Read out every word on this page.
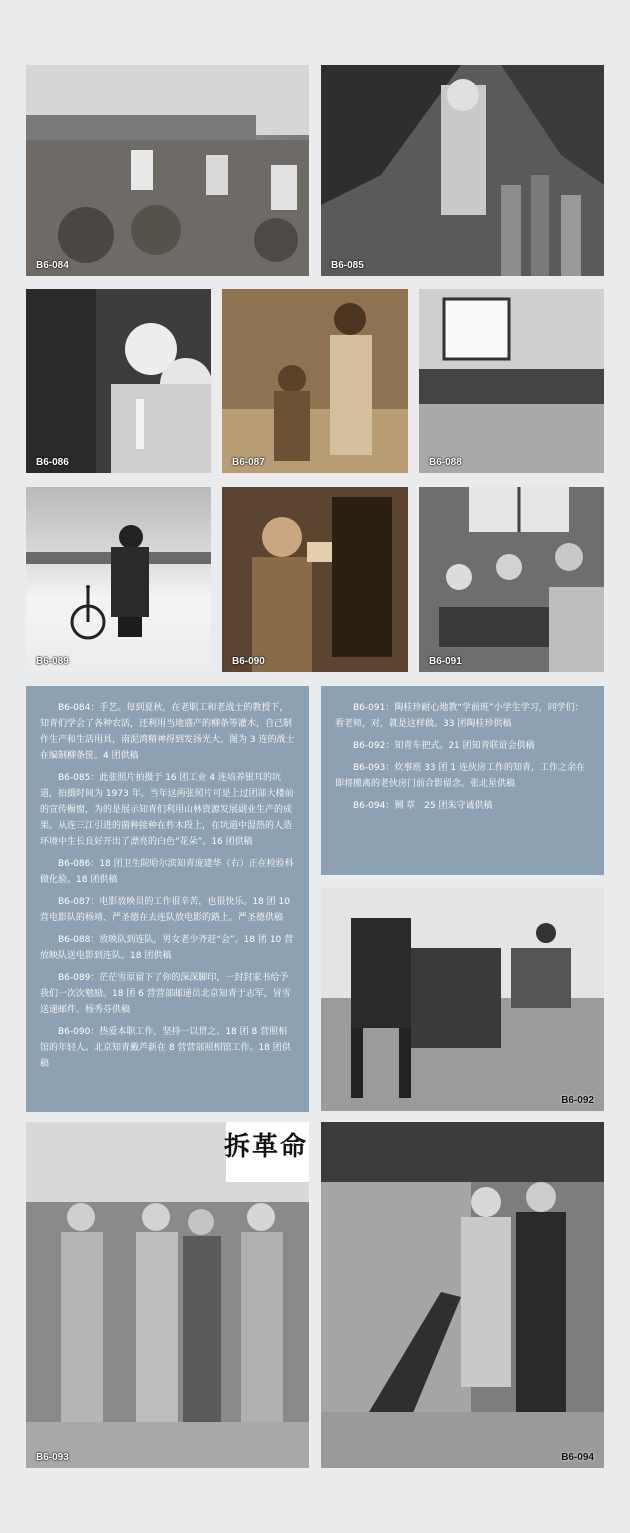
B6-084	B6-085
B6-086	B6-087	B6-088
B6-089	B6-090	B6-091

B6-084：手艺。每到夏秋，在老职工和老战士的教授下，知青们学会了各种农活，还利用当地盛产的柳条等灌木，自己制作生产和生活用具，南泥湾精神得到发扬光大。图为 3 连的战士在编制柳条筐。4 团供稿

B6-085：此张照片拍摄于 16 团工业 4 连培养银耳的坑道，拍摄时间为 1973 年。当年这两张照片可是上过团部大楼前的宣传橱窗，为的是展示知青们利用山林资源发展副业生产的成果。从连三江引进的菌种接种在柞木段上，在坑道中湿热的人造环境中生长良好开出了漂亮的白色“花朵”。16 团供稿

B6-086：18 团卫生院哈尔滨知青庞建华（右）正在检验科做化验。18 团供稿

B6-087：电影放映员的工作很辛苦，也很快乐。18 团 10 营电影队的杨靖、严圣德在去连队放电影的路上。严圣德供稿

B6-088：放映队到连队，男女老少齐赶“会”。18 团 10 营放映队送电影到连队。18 团供稿

B6-089：茫茫雪原留下了你的深深脚印，一封封家书给予我们一次次勉励。18 团 6 营营部邮递员北京知青于志军，冒雪送递邮件。杨秀芬供稿

B6-090：热爱本职工作，坚持一以贯之。18 团 8 营照相馆的年轻人。北京知青戴芦新在 8 营营部照相馆工作。18 团供稿

B6-091：陶桂珍耐心地教“学前班”小学生学习，同学们：看老师，对，就是这样做。33 团陶桂珍供稿

B6-092：知青车把式。21 团知青联谊会供稿

B6-093：炊事班 33 团 1 连伙房工作的知青，工作之余在即将搬离的老伙房门前合影留念。张北星供稿

B6-094：铡 草　25 团朱守诚供稿

B6-092
拆革命
B6-093	B6-094
